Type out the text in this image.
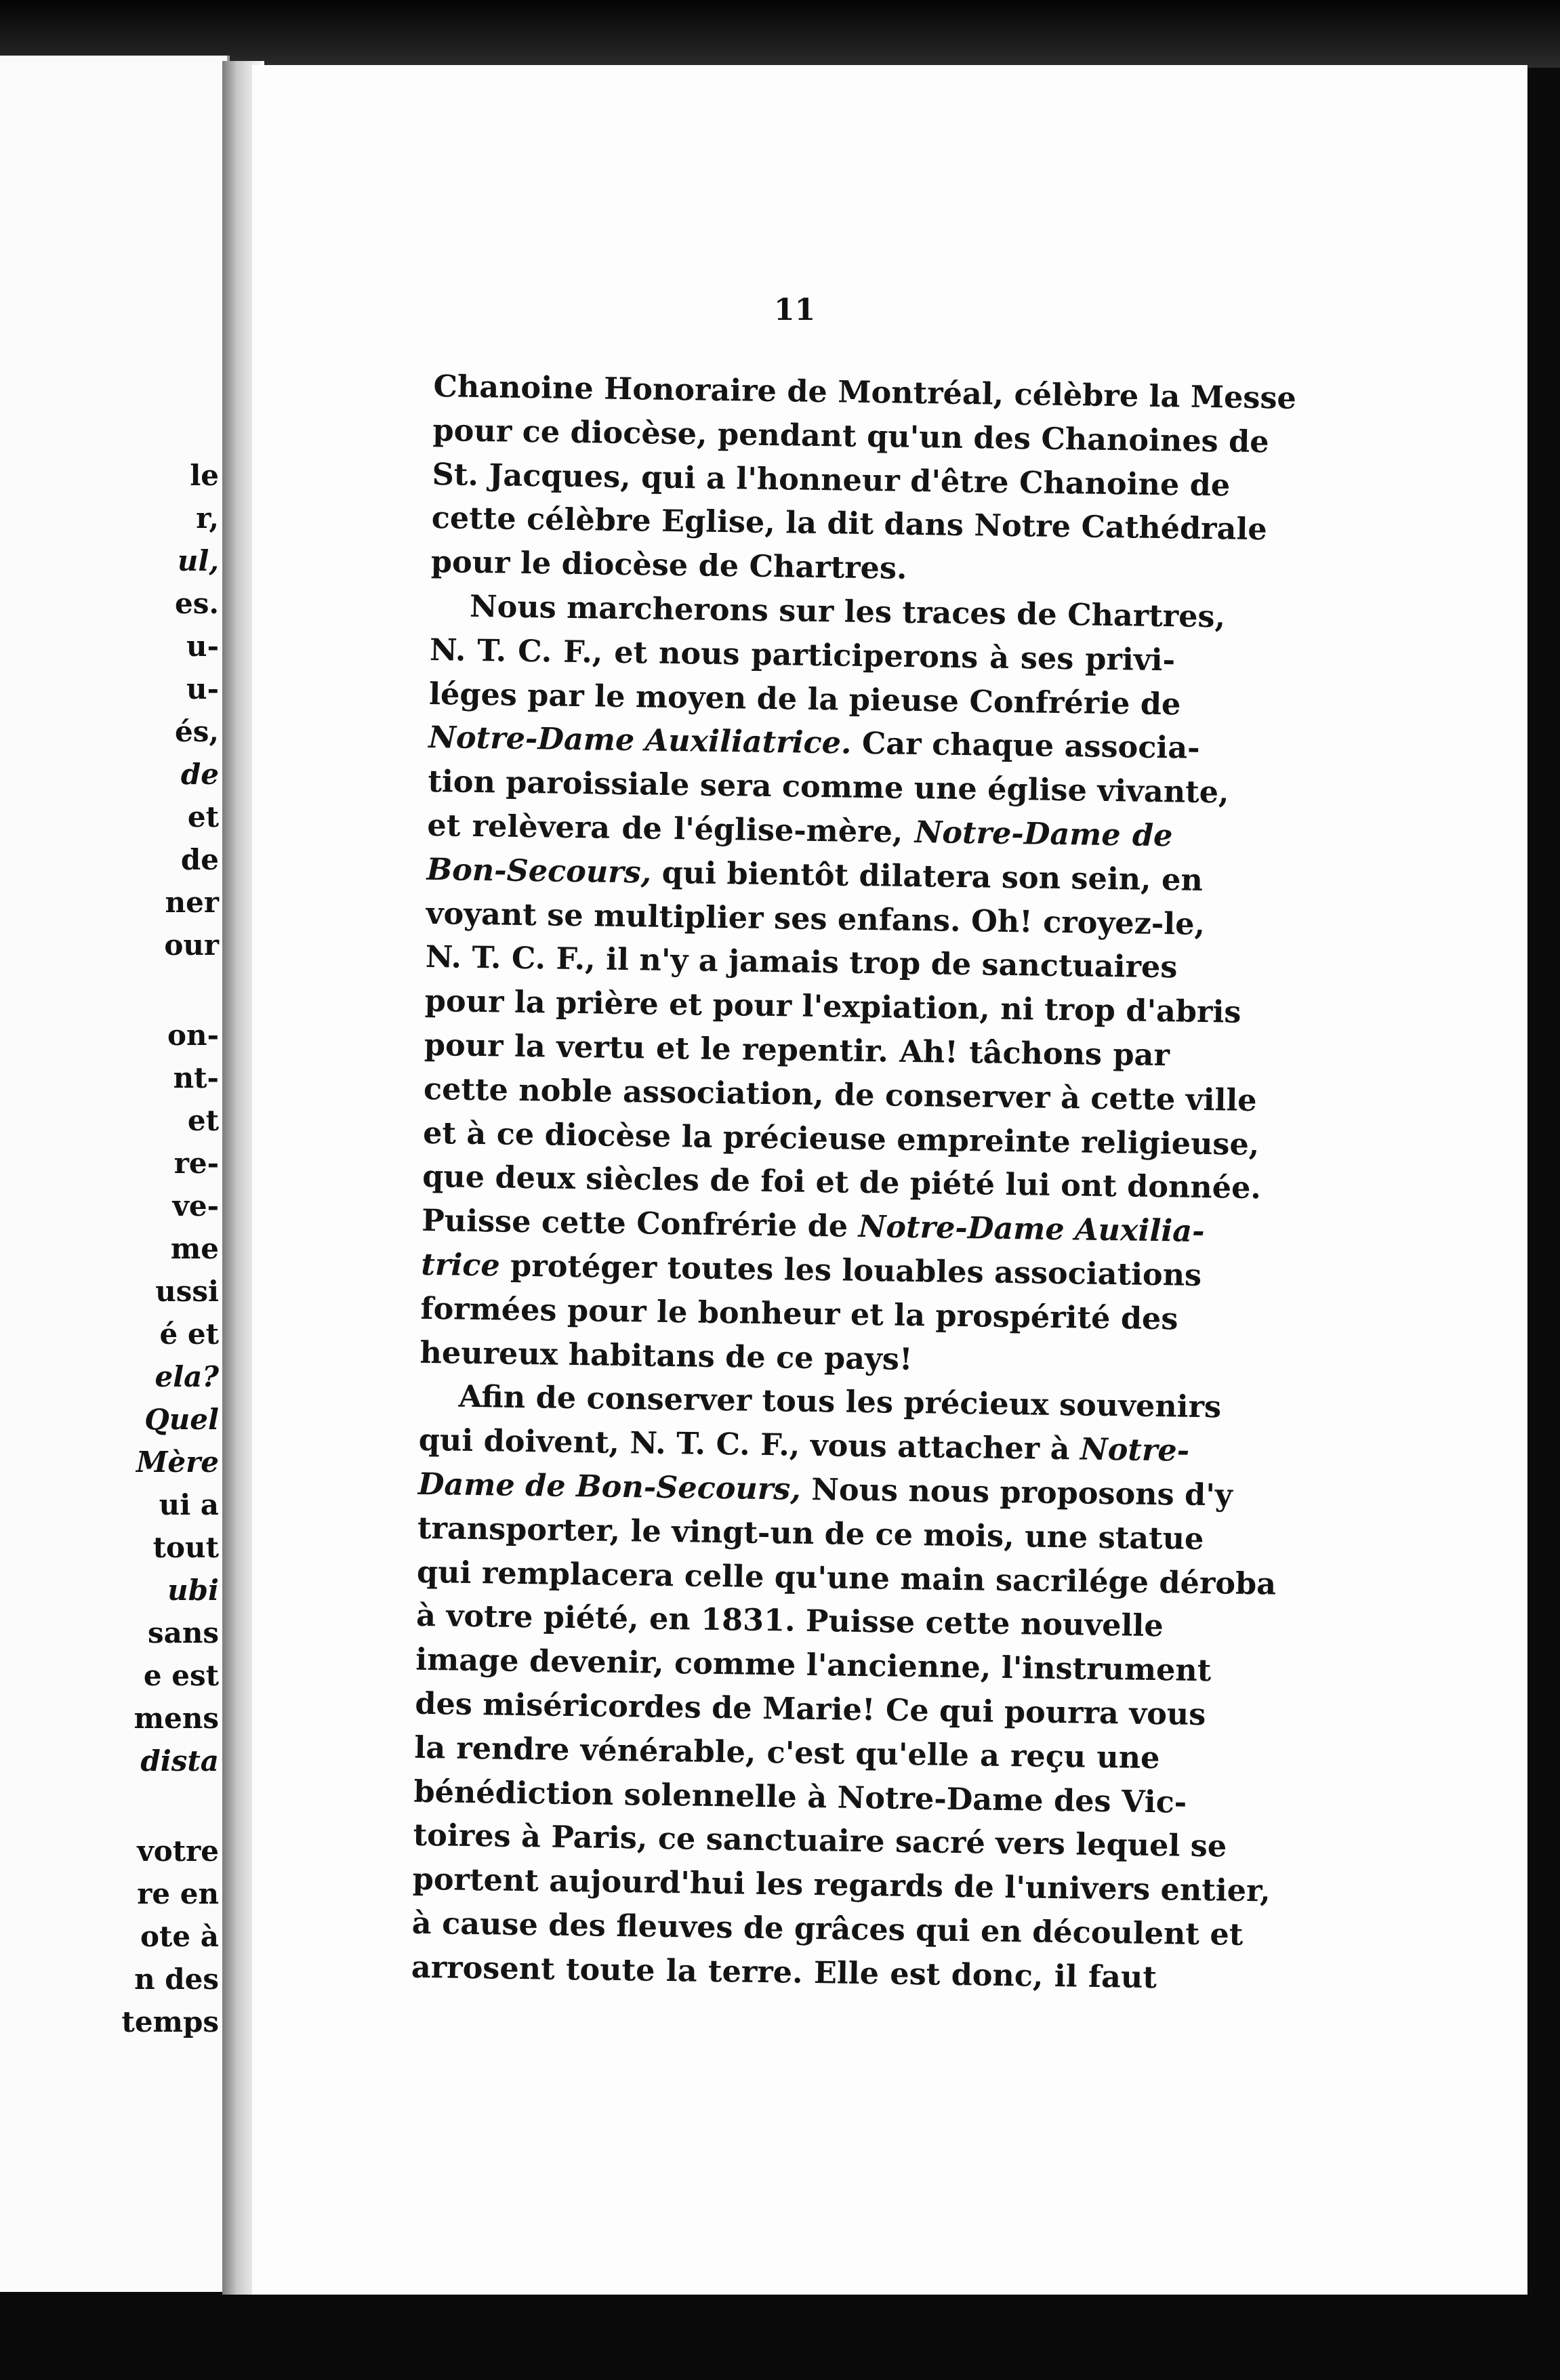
le
r,
ul,
es.
u-
u-
és,
de
et
de
ner
our
on-
nt-
et
re-
ve-
me
ussi
é et
ela?
Quel
Mère
ui a
tout
ubi
sans
e est
mens
dista
votre
re en
ote à
n des
temps
11
Chanoine Honoraire de Montréal, célèbre la Messe
pour ce diocèse, pendant qu'un des Chanoines de
St. Jacques, qui a l'honneur d'être Chanoine de
cette célèbre Eglise, la dit dans Notre Cathédrale
pour le diocèse de Chartres.
Nous marcherons sur les traces de Chartres,
N. T. C. F., et nous participerons à ses privi-
léges par le moyen de la pieuse Confrérie de
Notre-Dame Auxiliatrice. Car chaque associa-
tion paroissiale sera comme une église vivante,
et relèvera de l'église-mère, Notre-Dame de
Bon-Secours, qui bientôt dilatera son sein, en
voyant se multiplier ses enfans. Oh! croyez-le,
N. T. C. F., il n'y a jamais trop de sanctuaires
pour la prière et pour l'expiation, ni trop d'abris
pour la vertu et le repentir. Ah! tâchons par
cette noble association, de conserver à cette ville
et à ce diocèse la précieuse empreinte religieuse,
que deux siècles de foi et de piété lui ont donnée.
Puisse cette Confrérie de Notre-Dame Auxilia-
trice protéger toutes les louables associations
formées pour le bonheur et la prospérité des
heureux habitans de ce pays!
Afin de conserver tous les précieux souvenirs
qui doivent, N. T. C. F., vous attacher à Notre-
Dame de Bon-Secours, Nous nous proposons d'y
transporter, le vingt-un de ce mois, une statue
qui remplacera celle qu'une main sacrilége déroba
à votre piété, en 1831. Puisse cette nouvelle
image devenir, comme l'ancienne, l'instrument
des miséricordes de Marie! Ce qui pourra vous
la rendre vénérable, c'est qu'elle a reçu une
bénédiction solennelle à Notre-Dame des Vic-
toires à Paris, ce sanctuaire sacré vers lequel se
portent aujourd'hui les regards de l'univers entier,
à cause des fleuves de grâces qui en découlent et
arrosent toute la terre. Elle est donc, il faut
